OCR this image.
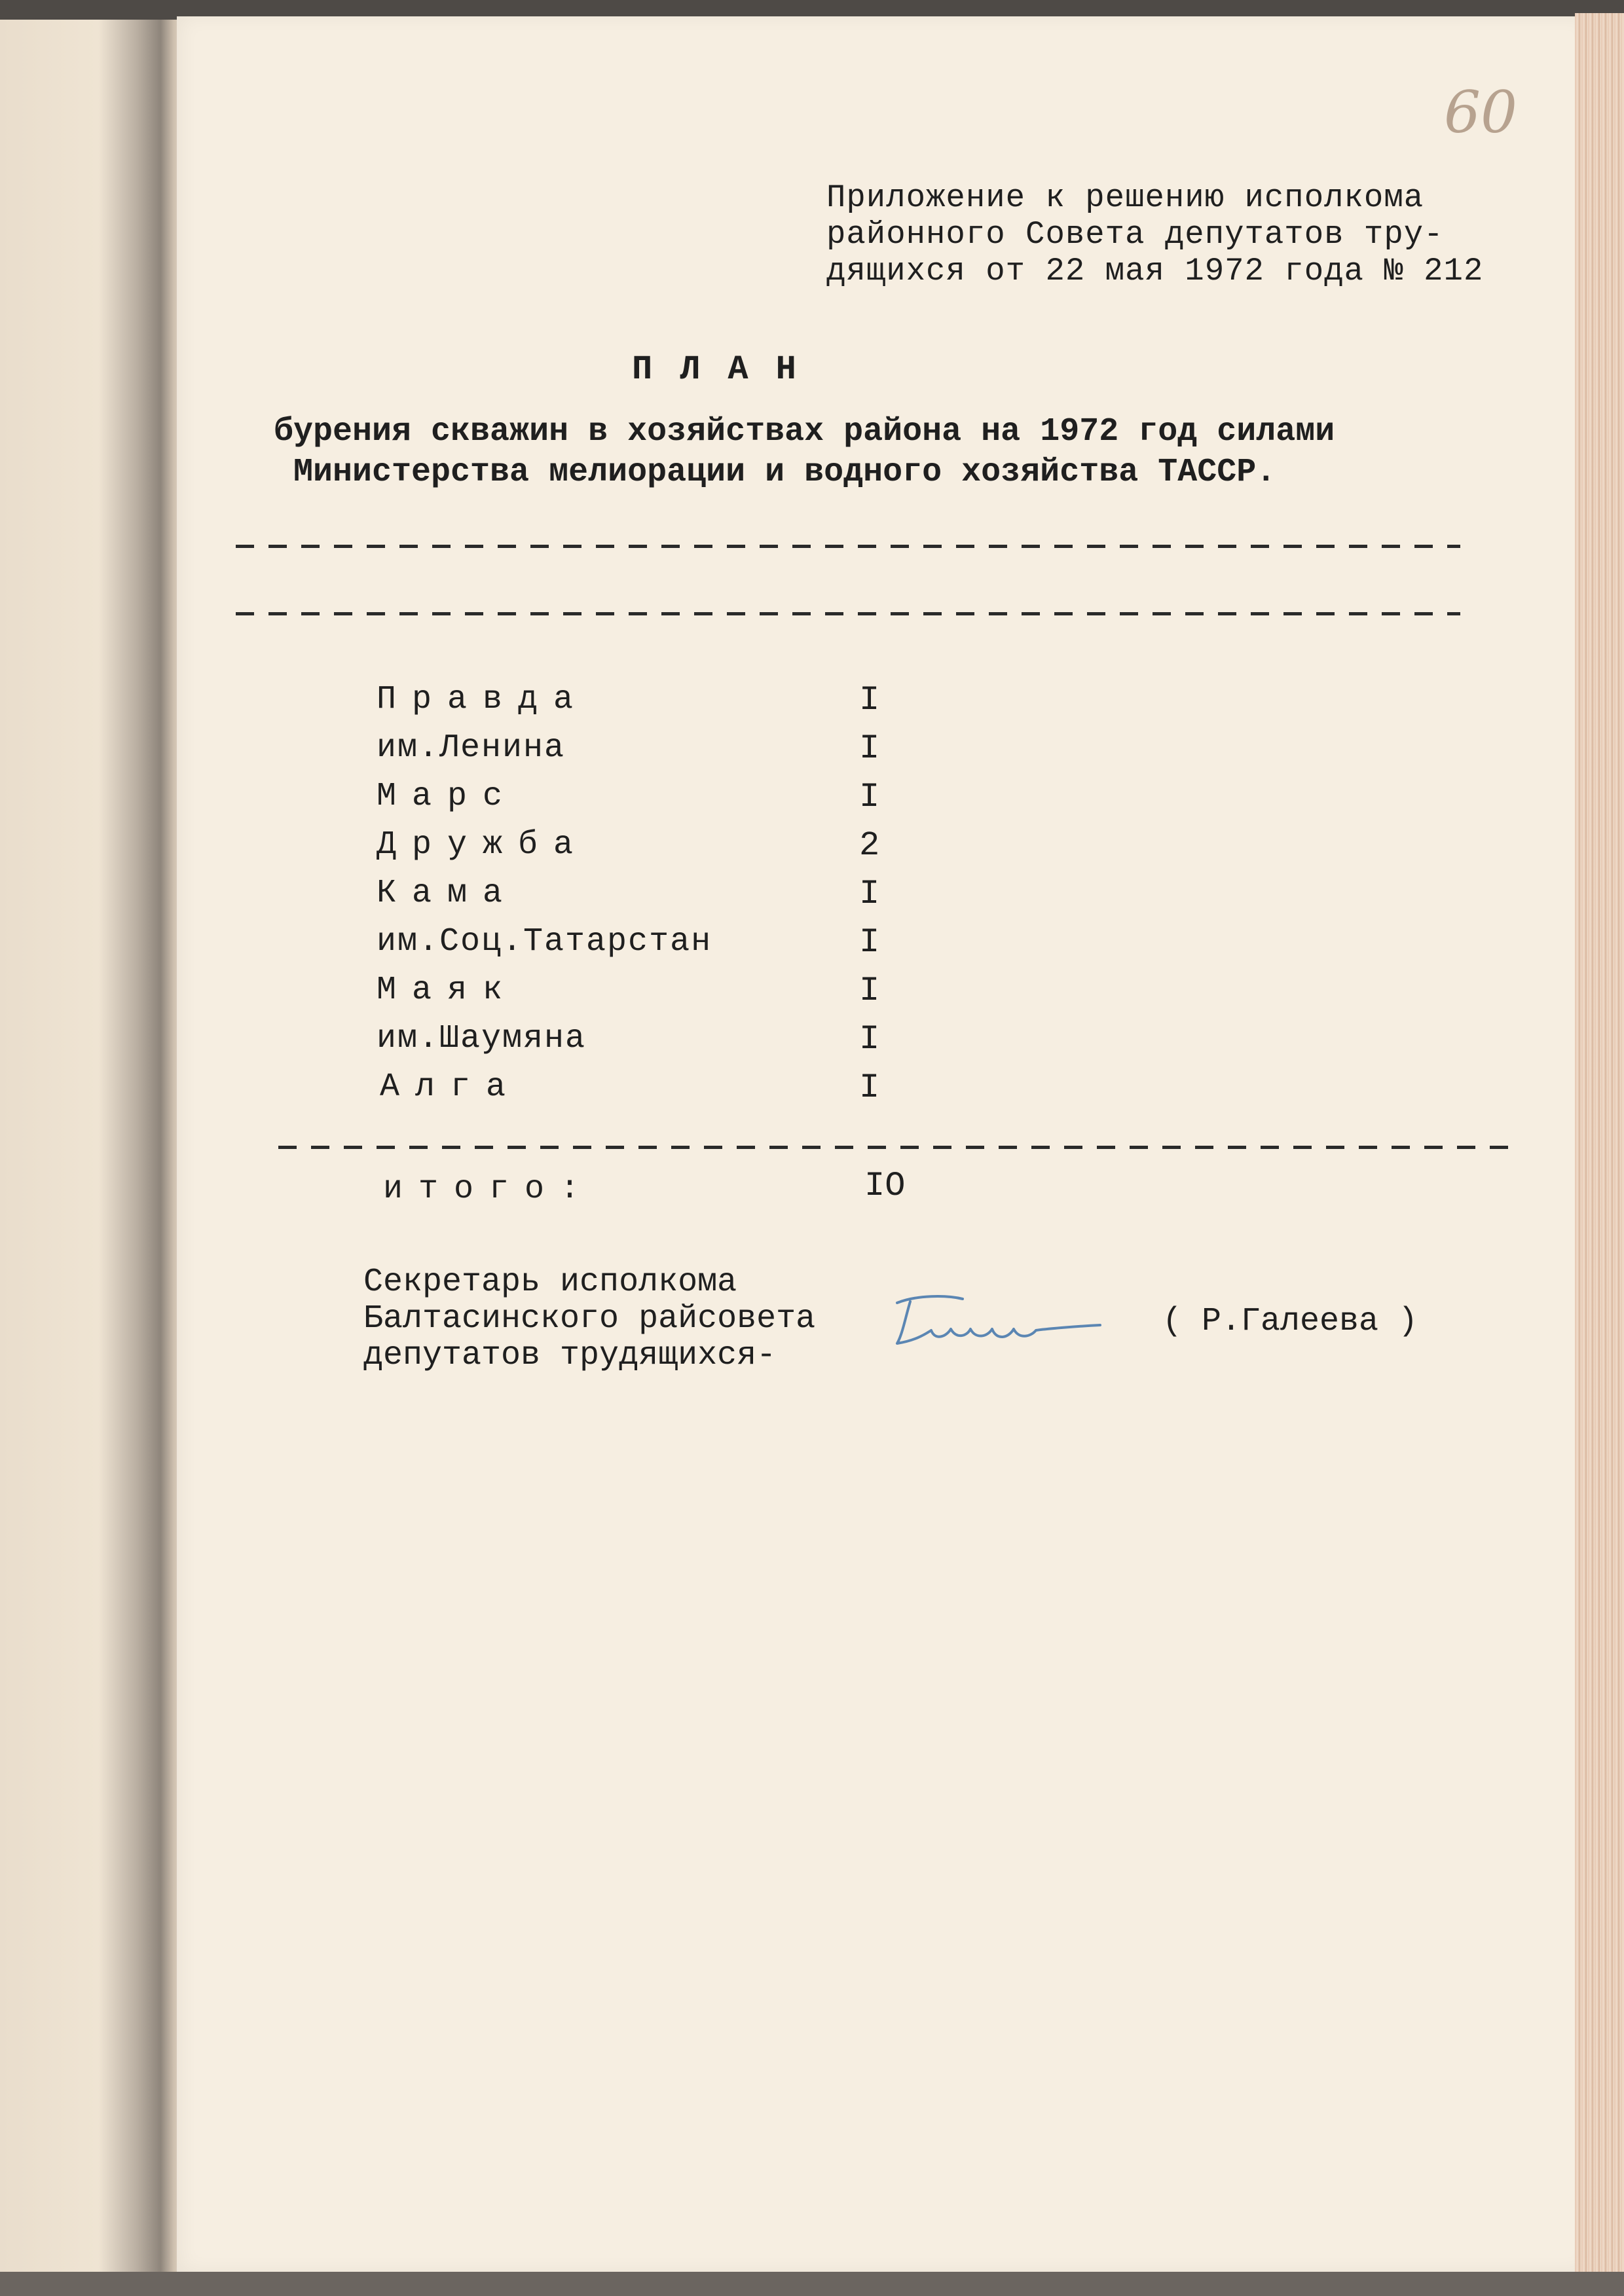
60
Приложение к решению исполкома
районного Совета депутатов тру-
дящихся от 22 мая 1972 года № 212
ПЛАН
бурения скважин в хозяйствах района на 1972 год силами
Министерства мелиорации и водного хозяйства ТАССР.
Правда	I
им.Ленина	I
Марс	I
Дружба	2
Кама	I
им.Соц.Татарстан	I
Маяк	I
им.Шаумяна	I
Алга	I
итого:	IO
Секретарь исполкома
Балтасинского райсовета
депутатов трудящихся-
( Р.Галеева )
